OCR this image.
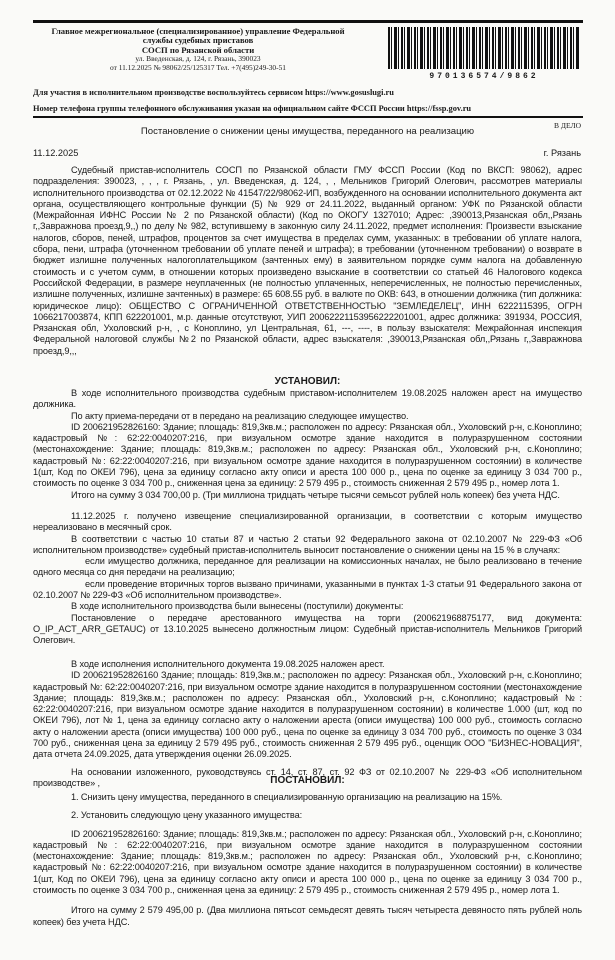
Главное межрегиональное (специализированное) управление Федеральной
службы судебных приставов
СОСП по Рязанской области
ул. Введенская, д. 124, г. Рязань, 390023
от 11.12.2025 № 98062/25/125317 Тел. +7(495)249-30-51
970136574/9862
Для участия в исполнительном производстве воспользуйтесь сервисом https://www.gosuslugi.ru
Номер телефона группы телефонного обслуживания указан на официальном сайте ФССП России https://fssp.gov.ru
В ДЕЛО
Постановление о снижении цены имущества, переданного на реализацию
11.12.2025	г. Рязань

Судебный пристав-исполнитель СОСП по Рязанской области ГМУ ФССП России (Код по ВКСП: 98062), адрес подразделения: 390023, , , , г. Рязань, , ул. Введенская, д. 124, , , Мельников Григорий Олегович, рассмотрев материалы исполнительного производства от 02.12.2022 № 41547/22/98062-ИП, возбужденного на основании исполнительного документа акт органа, осуществляющего контрольные функции (5) № 929 от 24.11.2022, выданный органом: УФК по Рязанской области (Межрайонная ИФНС России № 2 по Рязанской области) (Код по ОКОГУ 1327010; Адрес: ,390013,Рязанская обл,,Рязань г,,Завражнова проезд,9,,) по делу № 982, вступившему в законную силу 24.11.2022, предмет исполнения: Произвести взыскание налогов, сборов, пеней, штрафов, процентов за счет имущества в пределах сумм, указанных: в требовании об уплате налога, сбора, пени, штрафа (уточненном требовании об уплате пеней и штрафа); в требовании (уточненном требовании) о возврате в бюджет излишне полученных налогоплательщиком (зачтенных ему) в заявительном порядке сумм налога на добавленную стоимость и с учетом сумм, в отношении которых произведено взыскание в соответствии со статьей 46 Налогового кодекса Российской Федерации, в размере неуплаченных (не полностью уплаченных, неперечисленных, не полностью перечисленных, излишне полученных, излишне зачтенных) в размере: 65 608.55 руб. в валюте по ОКВ: 643, в отношении должника (тип должника: юридическое лицо): ОБЩЕСТВО С ОГРАНИЧЕННОЙ ОТВЕТСТВЕННОСТЬЮ "ЗЕМЛЕДЕЛЕЦ", ИНН 6222115395, ОГРН 1066217003874, КПП 622201001, м.р. данные отсутствуют, УИП 20062221153956222201001, адрес должника: 391934, РОССИЯ, Рязанская обл, Ухоловский р-н, , с Коноплино, ул Центральная, 61, ---, ----, в пользу взыскателя: Межрайонная инспекция Федеральной налоговой службы №2 по Рязанской области, адрес взыскателя: ,390013,Рязанская обл,,Рязань г,,Завражнова проезд,9,,,

УСТАНОВИЛ:

В ходе исполнительного производства судебным приставом-исполнителем 19.08.2025 наложен арест на имущество должника.

По акту приема-передачи от в передано на реализацию следующее имущество.

ID 200621952826160: Здание; площадь: 819,3кв.м.; расположен по адресу: Рязанская обл., Ухоловский р-н, с.Коноплино; кадастровый №: 62:22:0040207:216, при визуальном осмотре здание находится в полуразрушенном состоянии (местонахождение: Здание; площадь: 819,3кв.м.; расположен по адресу: Рязанская обл., Ухоловский р-н, с.Коноплино; кадастровый №: 62:22:0040207:216, при визуальном осмотре здание находится в полуразрушенном состоянии) в количестве 1(шт, Код по ОКЕИ 796), цена за единицу согласно акту описи и ареста 100 000 р., цена по оценке за единицу 3 034 700 р., стоимость по оценке 3 034 700 р., сниженная цена за единицу: 2 579 495 р., стоимость сниженная 2 579 495 р., номер лота 1.

Итого на сумму 3 034 700,00 р. (Три миллиона тридцать четыре тысячи семьсот рублей ноль копеек) без учета НДС.

11.12.2025 г. получено извещение специализированной организации, в соответствии с которым имущество нереализовано в месячный срок.

В соответствии с частью 10 статьи 87 и частью 2 статьи 92 Федерального закона от 02.10.2007 № 229-ФЗ «Об исполнительном производстве» судебный пристав-исполнитель выносит постановление о снижении цены на 15 % в случаях:

если имущество должника, переданное для реализации на комиссионных началах, не было реализовано в течение одного месяца со дня передачи на реализацию;

если проведение вторичных торгов вызвано причинами, указанными в пунктах 1-3 статьи 91 Федерального закона от 02.10.2007 № 229-ФЗ «Об исполнительном производстве».

В ходе исполнительного производства были вынесены (поступили) документы:

Постановление о передаче арестованного имущества на торги (200621968875177, вид документа: O_IP_ACT_ARR_GETAUC) от 13.10.2025 вынесено должностным лицом: Судебный пристав-исполнитель Мельников Григорий Олегович.

В ходе исполнения исполнительного документа 19.08.2025 наложен арест.

ID 200621952826160 Здание; площадь: 819,3кв.м.; расположен по адресу: Рязанская обл., Ухоловский р-н, с.Коноплино; кадастровый №: 62:22:0040207:216, при визуальном осмотре здание находится в полуразрушенном состоянии (местонахождение Здание; площадь: 819,3кв.м.; расположен по адресу: Рязанская обл., Ухоловский р-н, с.Коноплино; кадастровый №: 62:22:0040207:216, при визуальном осмотре здание находится в полуразрушенном состоянии) в количестве 1.000 (шт, код по ОКЕИ 796), лот № 1, цена за единицу согласно акту о наложении ареста (описи имущества) 100 000 руб., стоимость согласно акту о наложении ареста (описи имущества) 100 000 руб., цена по оценке за единицу 3 034 700 руб., стоимость по оценке 3 034 700 руб., сниженная цена за единицу 2 579 495 руб., стоимость сниженная 2 579 495 руб., оценщик ООО "БИЗНЕС-НОВАЦИЯ", дата отчета 24.09.2025, дата утверждения оценки 26.09.2025.

На основании изложенного, руководствуясь ст. 14, ст. 87, ст. 92 ФЗ от 02.10.2007 № 229-ФЗ «Об исполнительном производстве» ,	ПОСТАНОВИЛ:

1. Снизить цену имущества, переданного в специализированную организацию на реализацию на 15%.

2. Установить следующую цену указанного имущества:

ID 200621952826160: Здание; площадь: 819,3кв.м.; расположен по адресу: Рязанская обл., Ухоловский р-н, с.Коноплино; кадастровый №: 62:22:0040207:216, при визуальном осмотре здание находится в полуразрушенном состоянии (местонахождение: Здание; площадь: 819,3кв.м.; расположен по адресу: Рязанская обл., Ухоловский р-н, с.Коноплино; кадастровый №: 62:22:0040207:216, при визуальном осмотре здание находится в полуразрушенном состоянии) в количестве 1(шт, Код по ОКЕИ 796), цена за единицу согласно акту описи и ареста 100 000 р., цена по оценке за единицу 3 034 700 р., стоимость по оценке 3 034 700 р., сниженная цена за единицу: 2 579 495 р., стоимость сниженная 2 579 495 р., номер лота 1.

Итого на сумму 2 579 495,00 р. (Два миллиона пятьсот семьдесят девять тысяч четыреста девяносто пять рублей ноль копеек) без учета НДС.
